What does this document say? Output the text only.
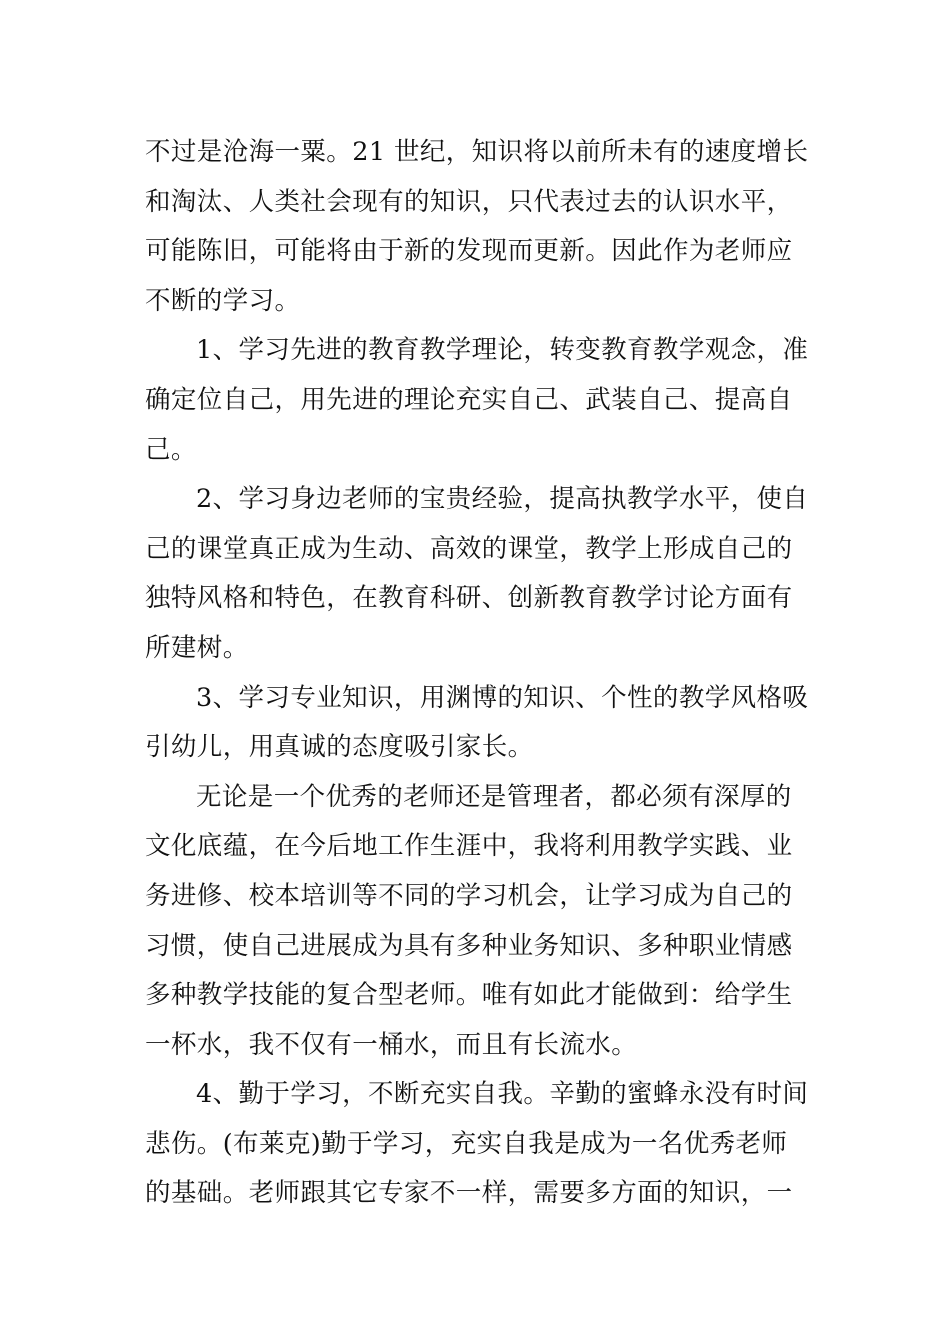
不过是沧海一粟。21 世纪，知识将以前所未有的速度增长
和淘汰、人类社会现有的知识，只代表过去的认识水平，
可能陈旧，可能将由于新的发现而更新。因此作为老师应
不断的学习。
1、学习先进的教育教学理论，转变教育教学观念，准
确定位自己，用先进的理论充实自己、武装自己、提高自
己。
2、学习身边老师的宝贵经验，提高执教学水平，使自
己的课堂真正成为生动、高效的课堂，教学上形成自己的
独特风格和特色，在教育科研、创新教育教学讨论方面有
所建树。
3、学习专业知识，用渊博的知识、个性的教学风格吸
引幼儿，用真诚的态度吸引家长。
无论是一个优秀的老师还是管理者，都必须有深厚的
文化底蕴，在今后地工作生涯中，我将利用教学实践、业
务进修、校本培训等不同的学习机会，让学习成为自己的
习惯，使自己进展成为具有多种业务知识、多种职业情感
多种教学技能的复合型老师。唯有如此才能做到：给学生
一杯水，我不仅有一桶水，而且有长流水。
4、勤于学习，不断充实自我。辛勤的蜜蜂永没有时间
悲伤。(布莱克)勤于学习，充实自我是成为一名优秀老师
的基础。老师跟其它专家不一样，需要多方面的知识，一
